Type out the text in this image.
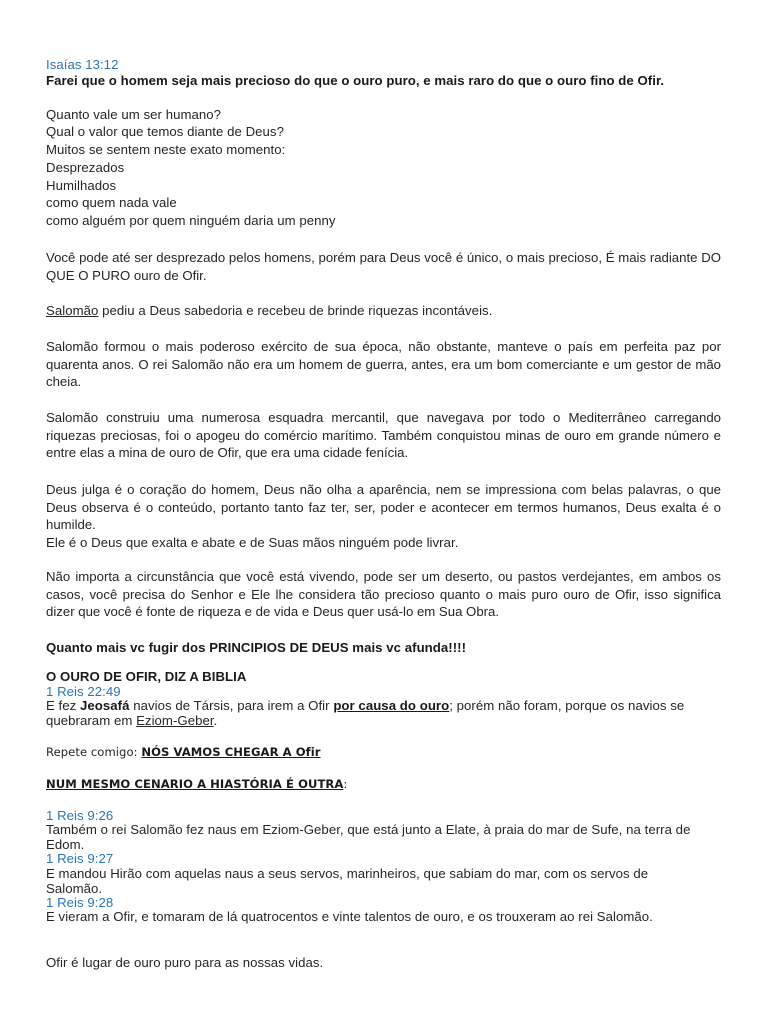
Isaías 13:12
Farei que o homem seja mais precioso do que o ouro puro, e mais raro do que o ouro fino de Ofir.
Quanto vale um ser humano?
Qual o valor que temos diante de Deus?
Muitos se sentem neste exato momento:
Desprezados
Humilhados
como quem nada vale
como alguém por quem ninguém daria um penny
Você pode até ser desprezado pelos homens, porém para Deus você é único, o mais precioso, É mais radiante DO QUE O PURO ouro de Ofir.
Salomão pediu a Deus sabedoria e recebeu de brinde riquezas incontáveis.
Salomão formou o mais poderoso exército de sua época, não obstante, manteve o país em perfeita paz por quarenta anos. O rei Salomão não era um homem de guerra, antes, era um bom comerciante e um gestor de mão cheia.
Salomão construiu uma numerosa esquadra mercantil, que navegava por todo o Mediterrâneo carregando riquezas preciosas, foi o apogeu do comércio marítimo. Também conquistou minas de ouro em grande número e entre elas a mina de ouro de Ofir, que era uma cidade fenícia.
Deus julga é o coração do homem, Deus não olha a aparência, nem se impressiona com belas palavras, o que Deus observa é o conteúdo, portanto tanto faz ter, ser, poder e acontecer em termos humanos, Deus exalta é o humilde.
Ele é o Deus que exalta e abate e de Suas mãos ninguém pode livrar.
Não importa a circunstância que você está vivendo, pode ser um deserto, ou pastos verdejantes, em ambos os casos, você precisa do Senhor e Ele lhe considera tão precioso quanto o mais puro ouro de Ofir, isso significa dizer que você é fonte de riqueza e de vida e Deus quer usá-lo em Sua Obra.
Quanto mais vc fugir dos PRINCIPIOS DE DEUS mais vc afunda!!!!
O OURO DE OFIR, DIZ A BIBLIA
1 Reis 22:49
E fez Jeosafá navios de Társis, para irem a Ofir por causa do ouro; porém não foram, porque os navios se
quebraram em Eziom-Geber.
Repete comigo: NÓS VAMOS CHEGAR A Ofir
NUM MESMO CENARIO A HIASTÓRIA É OUTRA:
1 Reis 9:26
Também o rei Salomão fez naus em Eziom-Geber, que está junto a Elate, à praia do mar de Sufe, na terra de
Edom.
1 Reis 9:27
E mandou Hirão com aquelas naus a seus servos, marinheiros, que sabiam do mar, com os servos de
Salomão.
1 Reis 9:28
E vieram a Ofir, e tomaram de lá quatrocentos e vinte talentos de ouro, e os trouxeram ao rei Salomão.
Ofir é lugar de ouro puro para as nossas vidas.
